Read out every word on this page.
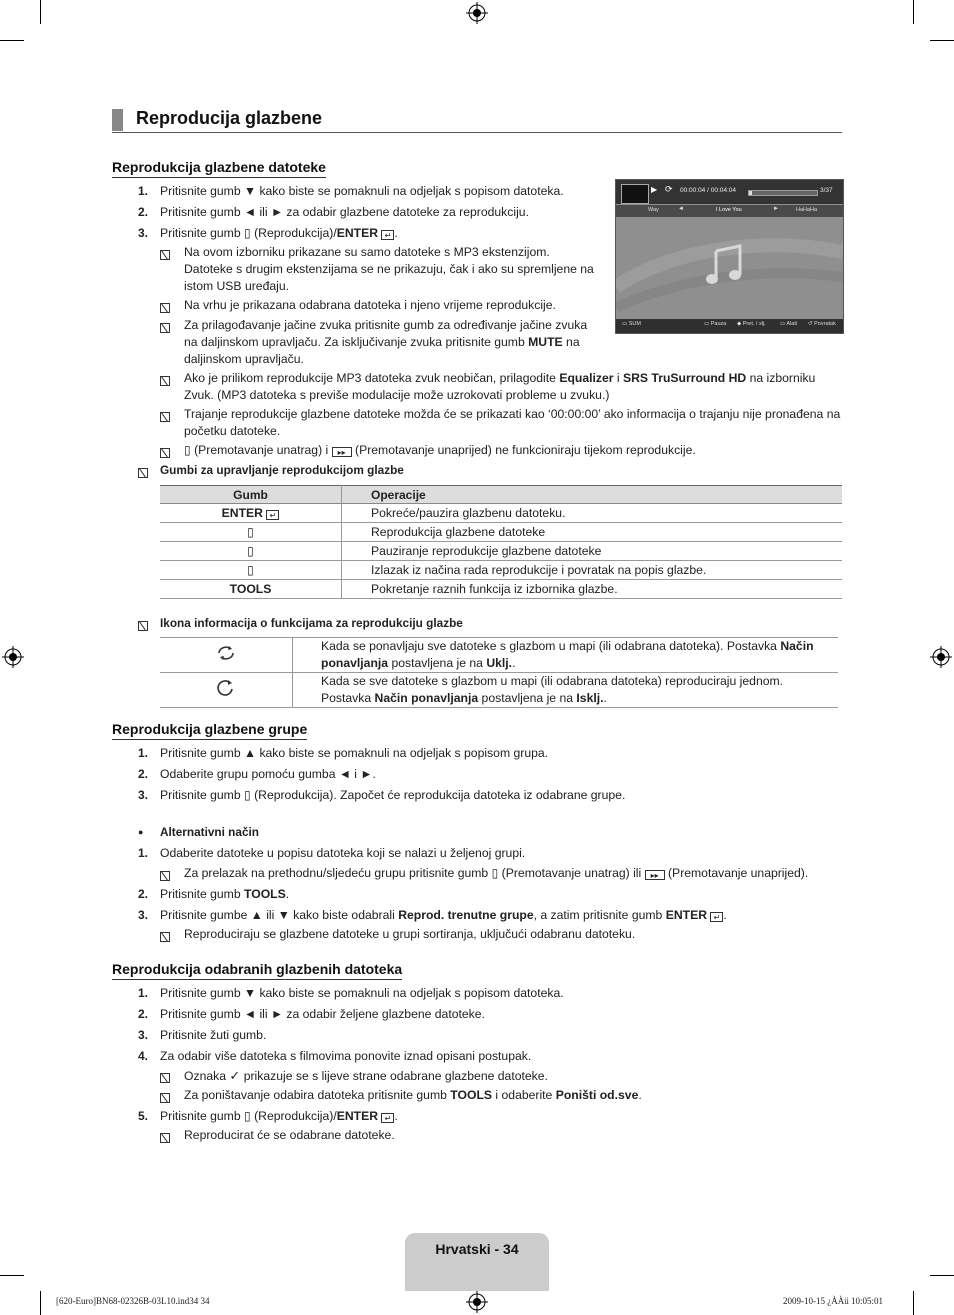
Reproducija glazbene
Reprodukcija glazbene datoteke
1. Pritisnite gumb ▼ kako biste se pomaknuli na odjeljak s popisom datoteka.
2. Pritisnite gumb ◄ ili ► za odabir glazbene datoteke za reprodukciju.
3. Pritisnite gumb ▯ (Reprodukcija)/ENTER ↵ .
Na ovom izborniku prikazane su samo datoteke s MP3 ekstenzijom.
Datoteke s drugim ekstenzijama se ne prikazuju, čak i ako su spremljene na
istom USB uređaju.
Na vrhu je prikazana odabrana datoteka i njeno vrijeme reprodukcije.
Za prilagođavanje jačine zvuka pritisnite gumb za određivanje jačine zvuka
na daljinskom upravljaču. Za isključivanje zvuka pritisnite gumb MUTE na
daljinskom upravljaču.
Ako je prilikom reprodukcije MP3 datoteka zvuk neobičan, prilagodite Equalizer i SRS TruSurround HD na izborniku
Zvuk. (MP3 datoteka s previše modulacije može uzrokovati probleme u zvuku.)
Trajanje reprodukcije glazbene datoteke možda će se prikazati kao ‘00:00:00’ ako informacija o trajanju nije pronađena na
početku datoteke.
▯ (Premotavanje unatrag) i ▸▸ (Premotavanje unaprijed) ne funkcioniraju tijekom reprodukcije.
Gumbi za upravljanje reprodukcijom glazbe
Gumb	Operacije
ENTER ↵	Pokreće/pauzira glazbenu datoteku.
▯	Reprodukcija glazbene datoteke
▯	Pauziranje reprodukcije glazbene datoteke
▯	Izlazak iz načina rada reprodukcije i povratak na popis glazbe.
TOOLS	Pokretanje raznih funkcija iz izbornika glazbe.
Ikona informacija o funkcijama za reprodukciju glazbe
	Kada se ponavljaju sve datoteke s glazbom u mapi (ili odabrana datoteka). Postavka Način
ponavljanja postavljena je na Uklj..
	Kada se sve datoteke s glazbom u mapi (ili odabrana datoteka) reproduciraju jednom.
Postavka Način ponavljanja postavljena je na Isklj..
▶ ⟳ 00:00:04 / 00:04:04	3/37
Way	◄	I Love You	►	HaHaHa
▭ SUM	▭ Pauza ◆ Pret. / slj.	▭ Alati ↺ Povratak
Reprodukcija glazbene grupe
1. Pritisnite gumb ▲ kako biste se pomaknuli na odjeljak s popisom grupa.
2. Odaberite grupu pomoću gumba ◄ i ►.
3. Pritisnite gumb ▯ (Reprodukcija). Započet će reprodukcija datoteka iz odabrane grupe.
● Alternativni način
1. Odaberite datoteke u popisu datoteka koji se nalazi u željenoj grupi.
Za prelazak na prethodnu/sljedeću grupu pritisnite gumb ▯ (Premotavanje unatrag) ili ▸▸ (Premotavanje unaprijed).
2. Pritisnite gumb TOOLS.
3. Pritisnite gumbe ▲ ili ▼ kako biste odabrali Reprod. trenutne grupe, a zatim pritisnite gumb ENTER ↵ .
Reproduciraju se glazbene datoteke u grupi sortiranja, uključući odabranu datoteku.
Reprodukcija odabranih glazbenih datoteka
1. Pritisnite gumb ▼ kako biste se pomaknuli na odjeljak s popisom datoteka.
2. Pritisnite gumb ◄ ili ► za odabir željene glazbene datoteke.
3. Pritisnite žuti gumb.
4. Za odabir više datoteka s filmovima ponovite iznad opisani postupak.
Oznaka ✓ prikazuje se s lijeve strane odabrane glazbene datoteke.
Za poništavanje odabira datoteka pritisnite gumb TOOLS i odaberite Poništi od.sve.
5. Pritisnite gumb ▯ (Reprodukcija)/ENTER ↵ .
Reproducirat će se odabrane datoteke.
Hrvatski - 34
[620-Euro]BN68-02326B-03L10.ind34 34	2009-10-15 ¿ÀÀü 10:05:01
